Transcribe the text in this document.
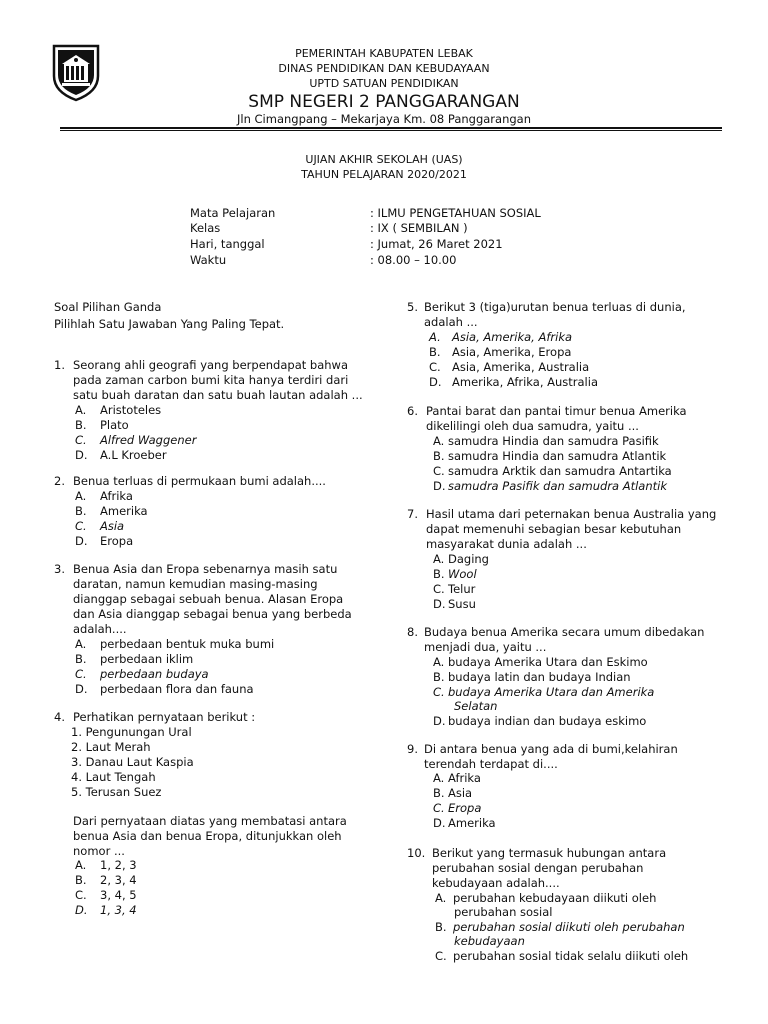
PEMERINTAH KABUPATEN LEBAK
DINAS PENDIDIKAN DAN KEBUDAYAAN
UPTD SATUAN PENDIDIKAN
SMP NEGERI 2 PANGGARANGAN
Jln Cimangpang – Mekarjaya Km. 08 Panggarangan
UJIAN AKHIR SEKOLAH (UAS)
TAHUN PELAJARAN 2020/2021
Mata Pelajaran	: ILMU PENGETAHUAN SOSIAL
Kelas	: IX ( SEMBILAN )
Hari, tanggal	: Jumat, 26 Maret 2021
Waktu	: 08.00 – 10.00
Soal Pilihan Ganda
Pilihlah Satu Jawaban Yang Paling Tepat.
1. Seorang ahli geografi yang berpendapat bahwa
pada zaman carbon bumi kita hanya terdiri dari
satu buah daratan dan satu buah lautan adalah ...
A. Aristoteles
B. Plato
C. Alfred Waggener
D. A.L Kroeber
2. Benua terluas di permukaan bumi adalah....
A. Afrika
B. Amerika
C. Asia
D. Eropa
3. Benua Asia dan Eropa sebenarnya masih satu
daratan, namun kemudian masing-masing
dianggap sebagai sebuah benua. Alasan Eropa
dan Asia dianggap sebagai benua yang berbeda
adalah....
A. perbedaan bentuk muka bumi
B. perbedaan iklim
C. perbedaan budaya
D. perbedaan flora dan fauna
4. Perhatikan pernyataan berikut :
1. Pengunungan Ural
2. Laut Merah
3. Danau Laut Kaspia
4. Laut Tengah
5. Terusan Suez
Dari pernyataan diatas yang membatasi antara
benua Asia dan benua Eropa, ditunjukkan oleh
nomor ...
A. 1, 2, 3
B. 2, 3, 4
C. 3, 4, 5
D. 1, 3, 4
5. Berikut 3 (tiga)urutan benua terluas di dunia,
adalah ...
A. Asia, Amerika, Afrika
B. Asia, Amerika, Eropa
C. Asia, Amerika, Australia
D. Amerika, Afrika, Australia
6. Pantai barat dan pantai timur benua Amerika
dikelilingi oleh dua samudra, yaitu ...
A. samudra Hindia dan samudra Pasifik
B. samudra Hindia dan samudra Atlantik
C. samudra Arktik dan samudra Antartika
D. samudra Pasifik dan samudra Atlantik
7. Hasil utama dari peternakan benua Australia yang
dapat memenuhi sebagian besar kebutuhan
masyarakat dunia adalah ...
A. Daging
B. Wool
C. Telur
D. Susu
8. Budaya benua Amerika secara umum dibedakan
menjadi dua, yaitu ...
A. budaya Amerika Utara dan Eskimo
B. budaya latin dan budaya Indian
C. budaya Amerika Utara dan Amerika
Selatan
D. budaya indian dan budaya eskimo
9. Di antara benua yang ada di bumi,kelahiran
terendah terdapat di....
A. Afrika
B. Asia
C. Eropa
D. Amerika
10. Berikut yang termasuk hubungan antara
perubahan sosial dengan perubahan
kebudayaan adalah....
A. perubahan kebudayaan diikuti oleh
perubahan sosial
B. perubahan sosial diikuti oleh perubahan
kebudayaan
C. perubahan sosial tidak selalu diikuti oleh
